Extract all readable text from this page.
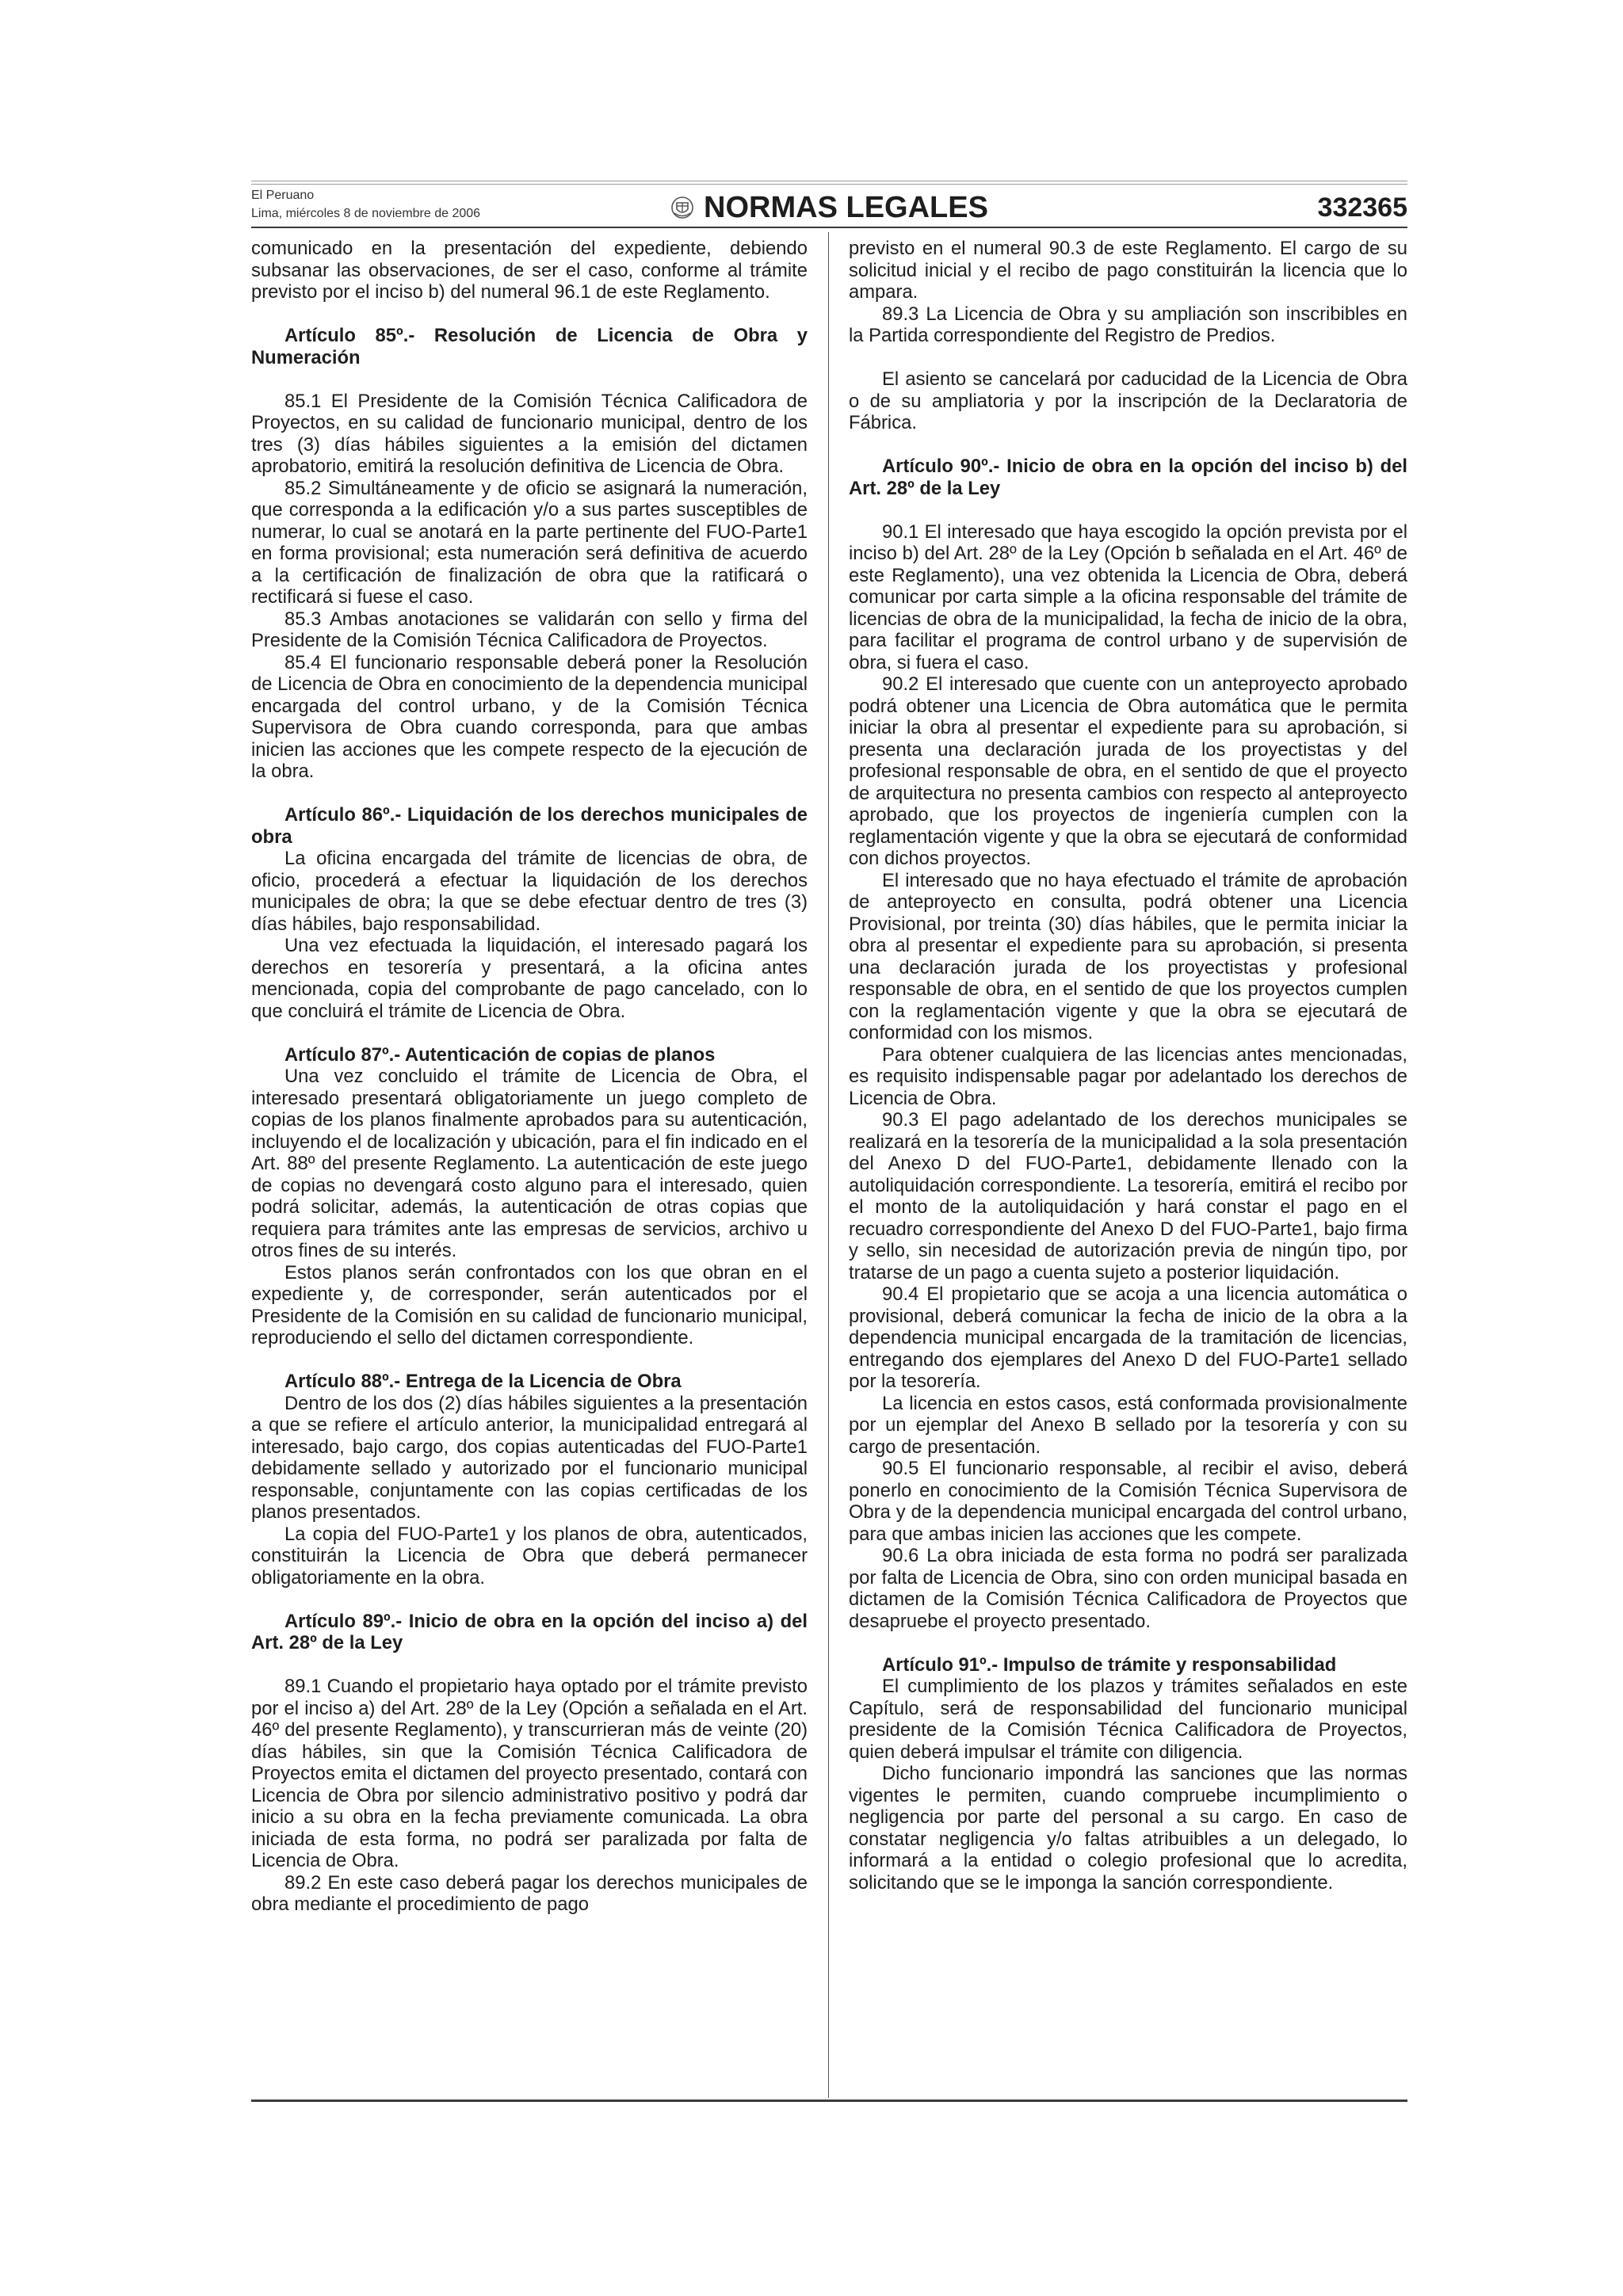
El Peruano
Lima, miércoles 8 de noviembre de 2006	NORMAS LEGALES	332365

comunicado en la presentación del expediente, debiendo subsanar las observaciones, de ser el caso, conforme al trámite previsto por el inciso b) del numeral 96.1 de este Reglamento.

Artículo 85º.- Resolución de Licencia de Obra y Numeración

85.1 El Presidente de la Comisión Técnica Calificadora de Proyectos, en su calidad de funcionario municipal, dentro de los tres (3) días hábiles siguientes a la emisión del dictamen aprobatorio, emitirá la resolución definitiva de Licencia de Obra.

85.2 Simultáneamente y de oficio se asignará la numeración, que corresponda a la edificación y/o a sus partes susceptibles de numerar, lo cual se anotará en la parte pertinente del FUO-Parte1 en forma provisional; esta numeración será definitiva de acuerdo a la certificación de finalización de obra que la ratificará o rectificará si fuese el caso.

85.3 Ambas anotaciones se validarán con sello y firma del Presidente de la Comisión Técnica Calificadora de Proyectos.

85.4 El funcionario responsable deberá poner la Resolución de Licencia de Obra en conocimiento de la dependencia municipal encargada del control urbano, y de la Comisión Técnica Supervisora de Obra cuando corresponda, para que ambas inicien las acciones que les compete respecto de la ejecución de la obra.

Artículo 86º.- Liquidación de los derechos municipales de obra

La oficina encargada del trámite de licencias de obra, de oficio, procederá a efectuar la liquidación de los derechos municipales de obra; la que se debe efectuar dentro de tres (3) días hábiles, bajo responsabilidad.

Una vez efectuada la liquidación, el interesado pagará los derechos en tesorería y presentará, a la oficina antes mencionada, copia del comprobante de pago cancelado, con lo que concluirá el trámite de Licencia de Obra.

Artículo 87º.- Autenticación de copias de planos

Una vez concluido el trámite de Licencia de Obra, el interesado presentará obligatoriamente un juego completo de copias de los planos finalmente aprobados para su autenticación, incluyendo el de localización y ubicación, para el fin indicado en el Art. 88º del presente Reglamento. La autenticación de este juego de copias no devengará costo alguno para el interesado, quien podrá solicitar, además, la autenticación de otras copias que requiera para trámites ante las empresas de servicios, archivo u otros fines de su interés.

Estos planos serán confrontados con los que obran en el expediente y, de corresponder, serán autenticados por el Presidente de la Comisión en su calidad de funcionario municipal, reproduciendo el sello del dictamen correspondiente.

Artículo 88º.- Entrega de la Licencia de Obra

Dentro de los dos (2) días hábiles siguientes a la presentación a que se refiere el artículo anterior, la municipalidad entregará al interesado, bajo cargo, dos copias autenticadas del FUO-Parte1 debidamente sellado y autorizado por el funcionario municipal responsable, conjuntamente con las copias certificadas de los planos presentados.

La copia del FUO-Parte1 y los planos de obra, autenticados, constituirán la Licencia de Obra que deberá permanecer obligatoriamente en la obra.

Artículo 89º.- Inicio de obra en la opción del inciso a) del Art. 28º de la Ley

89.1 Cuando el propietario haya optado por el trámite previsto por el inciso a) del Art. 28º de la Ley (Opción a señalada en el Art. 46º del presente Reglamento), y transcurrieran más de veinte (20) días hábiles, sin que la Comisión Técnica Calificadora de Proyectos emita el dictamen del proyecto presentado, contará con Licencia de Obra por silencio administrativo positivo y podrá dar inicio a su obra en la fecha previamente comunicada. La obra iniciada de esta forma, no podrá ser paralizada por falta de Licencia de Obra.

89.2 En este caso deberá pagar los derechos municipales de obra mediante el procedimiento de pago

previsto en el numeral 90.3 de este Reglamento. El cargo de su solicitud inicial y el recibo de pago constituirán la licencia que lo ampara.

89.3 La Licencia de Obra y su ampliación son inscribibles en la Partida correspondiente del Registro de Predios.

El asiento se cancelará por caducidad de la Licencia de Obra o de su ampliatoria y por la inscripción de la Declaratoria de Fábrica.

Artículo 90º.- Inicio de obra en la opción del inciso b) del Art. 28º de la Ley

90.1 El interesado que haya escogido la opción prevista por el inciso b) del Art. 28º de la Ley (Opción b señalada en el Art. 46º de este Reglamento), una vez obtenida la Licencia de Obra, deberá comunicar por carta simple a la oficina responsable del trámite de licencias de obra de la municipalidad, la fecha de inicio de la obra, para facilitar el programa de control urbano y de supervisión de obra, si fuera el caso.

90.2 El interesado que cuente con un anteproyecto aprobado podrá obtener una Licencia de Obra automática que le permita iniciar la obra al presentar el expediente para su aprobación, si presenta una declaración jurada de los proyectistas y del profesional responsable de obra, en el sentido de que el proyecto de arquitectura no presenta cambios con respecto al anteproyecto aprobado, que los proyectos de ingeniería cumplen con la reglamentación vigente y que la obra se ejecutará de conformidad con dichos proyectos.

El interesado que no haya efectuado el trámite de aprobación de anteproyecto en consulta, podrá obtener una Licencia Provisional, por treinta (30) días hábiles, que le permita iniciar la obra al presentar el expediente para su aprobación, si presenta una declaración jurada de los proyectistas y profesional responsable de obra, en el sentido de que los proyectos cumplen con la reglamentación vigente y que la obra se ejecutará de conformidad con los mismos.

Para obtener cualquiera de las licencias antes mencionadas, es requisito indispensable pagar por adelantado los derechos de Licencia de Obra.

90.3 El pago adelantado de los derechos municipales se realizará en la tesorería de la municipalidad a la sola presentación del Anexo D del FUO-Parte1, debidamente llenado con la autoliquidación correspondiente. La tesorería, emitirá el recibo por el monto de la autoliquidación y hará constar el pago en el recuadro correspondiente del Anexo D del FUO-Parte1, bajo firma y sello, sin necesidad de autorización previa de ningún tipo, por tratarse de un pago a cuenta sujeto a posterior liquidación.

90.4 El propietario que se acoja a una licencia automática o provisional, deberá comunicar la fecha de inicio de la obra a la dependencia municipal encargada de la tramitación de licencias, entregando dos ejemplares del Anexo D del FUO-Parte1 sellado por la tesorería.

La licencia en estos casos, está conformada provisionalmente por un ejemplar del Anexo B sellado por la tesorería y con su cargo de presentación.

90.5 El funcionario responsable, al recibir el aviso, deberá ponerlo en conocimiento de la Comisión Técnica Supervisora de Obra y de la dependencia municipal encargada del control urbano, para que ambas inicien las acciones que les compete.

90.6 La obra iniciada de esta forma no podrá ser paralizada por falta de Licencia de Obra, sino con orden municipal basada en dictamen de la Comisión Técnica Calificadora de Proyectos que desapruebe el proyecto presentado.

Artículo 91º.- Impulso de trámite y responsabilidad

El cumplimiento de los plazos y trámites señalados en este Capítulo, será de responsabilidad del funcionario municipal presidente de la Comisión Técnica Calificadora de Proyectos, quien deberá impulsar el trámite con diligencia.

Dicho funcionario impondrá las sanciones que las normas vigentes le permiten, cuando compruebe incumplimiento o negligencia por parte del personal a su cargo. En caso de constatar negligencia y/o faltas atribuibles a un delegado, lo informará a la entidad o colegio profesional que lo acredita, solicitando que se le imponga la sanción correspondiente.
